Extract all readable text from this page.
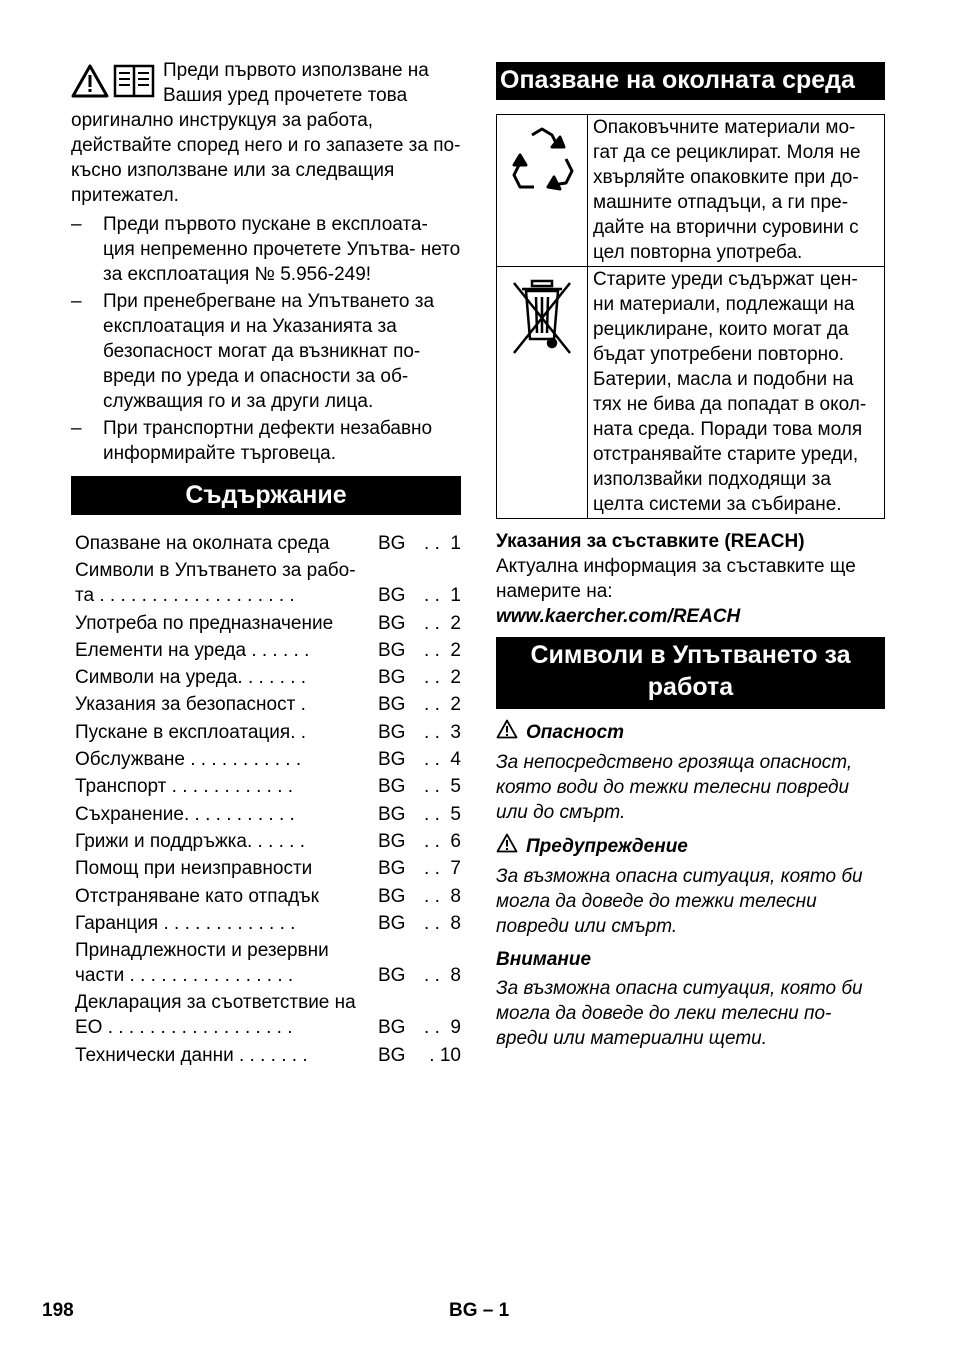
Преди първото използване на Вашия уред прочетете това оригинално инструкцуя за работа, действайте според него и го запазете за по-късно използване или за следващия притежател.

– Преди първото пускане в експлоата- ция непременно прочетете Упътва- нето за експлоатация № 5.956-249!
– При пренебрегване на Упътването за експлоатация и на Указанията за безопасност могат да възникнат по- вреди по уреда и опасности за об- служващия го и за други лица.
– При транспортни дефекти незабавно информирайте търговеца.
Съдържание
Опазване на околната среда	BG . .  1
Символи в Упътването за рабо- та . . . . . . . . . . . . . . . . . . .	BG . .  1
Употреба по предназначение	BG . .  2
Елементи на уреда . . . . . .	BG . .  2
Символи на уреда. . . . . . .	BG . .  2
Указания за безопасност .	BG . .  2
Пускане в експлоатация. .	BG . .  3
Обслужване . . . . . . . . . . .	BG . .  4
Транспорт . . . . . . . . . . . .	BG . .  5
Съхранение. . . . . . . . . . .	BG . .  5
Грижи и поддръжка. . . . . .	BG . .  6
Помощ при неизправности	BG . .  7
Отстраняване като отпадък	BG . .  8
Гаранция . . . . . . . . . . . . .	BG . .  8
Принадлежности и резервни части . . . . . . . . . . . . . . . .	BG . .  8
Декларация за съответствие на ЕО . . . . . . . . . . . . . . . . . .	BG . .  9
Технически данни . . . . . . .	BG	. 10
Опазване на околната среда
	Опаковъчните материали мо- гат да се рециклират. Моля не хвърляйте опаковките при до- машните отпадъци, а ги пре- дайте на вторични суровини с цел повторна употреба.
	Старите уреди съдържат цен- ни материали, подлежащи на рециклиране, които могат да бъдат употребени повторно. Батерии, масла и подобни на тях не бива да попадат в окол- ната среда. Поради това моля отстранявайте старите уреди, използвайки подходящи за целта системи за събиране.
Указания за съставките (REACH)
Актуална информация за съставките ще намерите на:
www.kaercher.com/REACH
Символи в Упътването за работа
Опасност

За непосредствено грозяща опасност, която води до тежки телесни повреди или до смърт.

Предупреждение

За възможна опасна ситуация, която би могла да доведе до тежки телесни повреди или смърт.

Внимание

За възможна опасна ситуация, която би могла да доведе до леки телесни по- вреди или материални щети.

198	BG – 1
